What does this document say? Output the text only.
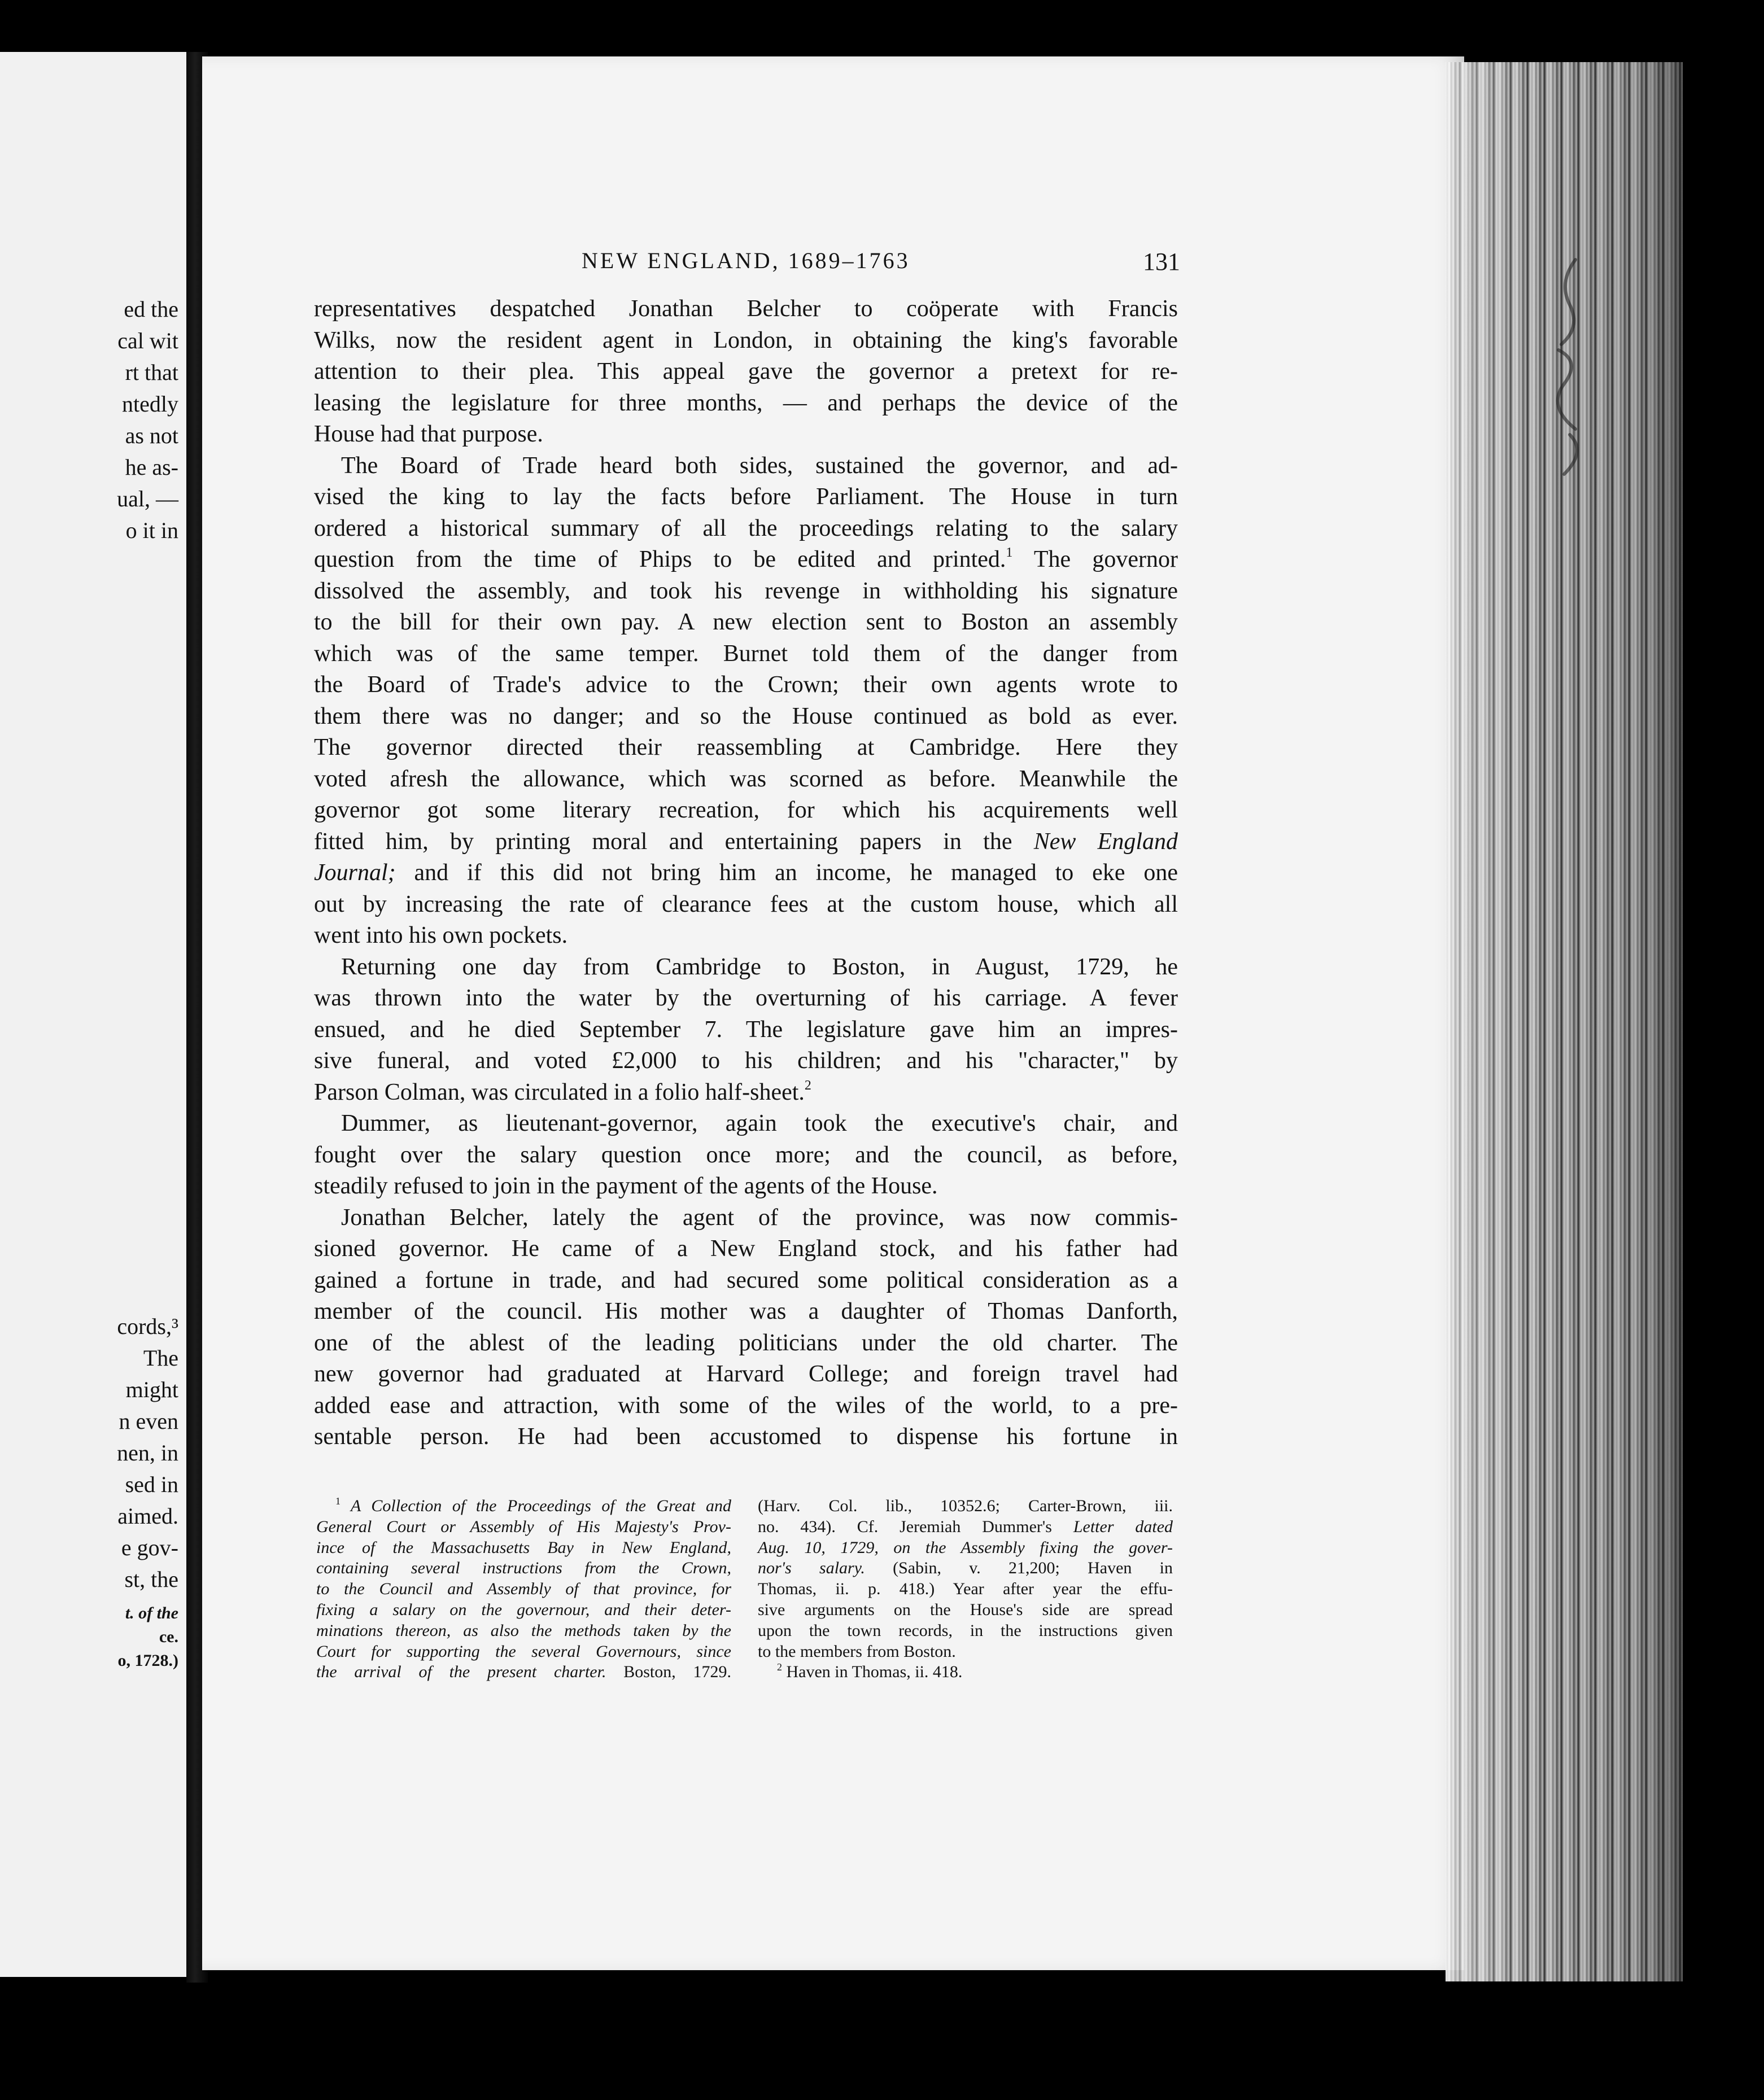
ed the
cal wit
rt that
ntedly
as not
he as-
ual, —
o it in
cords,³
The
might
n even
nen, in
sed in
aimed.
e gov-
st, the
t. of the
ce.
o, 1728.)
NEW ENGLAND, 1689–1763	131
representatives despatched Jonathan Belcher to coöperate with Francis
Wilks, now the resident agent in London, in obtaining the king's favorable
attention to their plea. This appeal gave the governor a pretext for re-
leasing the legislature for three months, — and perhaps the device of the
House had that purpose.
The Board of Trade heard both sides, sustained the governor, and ad-
vised the king to lay the facts before Parliament. The House in turn
ordered a historical summary of all the proceedings relating to the salary
question from the time of Phips to be edited and printed.$^1$ The governor
dissolved the assembly, and took his revenge in withholding his signature
to the bill for their own pay. A new election sent to Boston an assembly
which was of the same temper. Burnet told them of the danger from
the Board of Trade's advice to the Crown; their own agents wrote to
them there was no danger; and so the House continued as bold as ever.
The governor directed their reassembling at Cambridge. Here they
voted afresh the allowance, which was scorned as before. Meanwhile the
governor got some literary recreation, for which his acquirements well
fitted him, by printing moral and entertaining papers in the New England
Journal; and if this did not bring him an income, he managed to eke one
out by increasing the rate of clearance fees at the custom house, which all
went into his own pockets.
Returning one day from Cambridge to Boston, in August, 1729, he
was thrown into the water by the overturning of his carriage. A fever
ensued, and he died September 7. The legislature gave him an impres-
sive funeral, and voted £2,000 to his children; and his "character," by
Parson Colman, was circulated in a folio half-sheet.$^2$
Dummer, as lieutenant-governor, again took the executive's chair, and
fought over the salary question once more; and the council, as before,
steadily refused to join in the payment of the agents of the House.
Jonathan Belcher, lately the agent of the province, was now commis-
sioned governor. He came of a New England stock, and his father had
gained a fortune in trade, and had secured some political consideration as a
member of the council. His mother was a daughter of Thomas Danforth,
one of the ablest of the leading politicians under the old charter. The
new governor had graduated at Harvard College; and foreign travel had
added ease and attraction, with some of the wiles of the world, to a pre-
sentable person. He had been accustomed to dispense his fortune in
$^1$ A Collection of the Proceedings of the Great and
General Court or Assembly of His Majesty's Prov-
ince of the Massachusetts Bay in New England,
containing several instructions from the Crown,
to the Council and Assembly of that province, for
fixing a salary on the governour, and their deter-
minations thereon, as also the methods taken by the
Court for supporting the several Governours, since
the arrival of the present charter. Boston, 1729.
(Harv. Col. lib., 10352.6; Carter-Brown, iii.
no. 434). Cf. Jeremiah Dummer's Letter dated
Aug. 10, 1729, on the Assembly fixing the gover-
nor's salary. (Sabin, v. 21,200; Haven in
Thomas, ii. p. 418.) Year after year the effu-
sive arguments on the House's side are spread
upon the town records, in the instructions given
to the members from Boston.
$^2$ Haven in Thomas, ii. 418.
